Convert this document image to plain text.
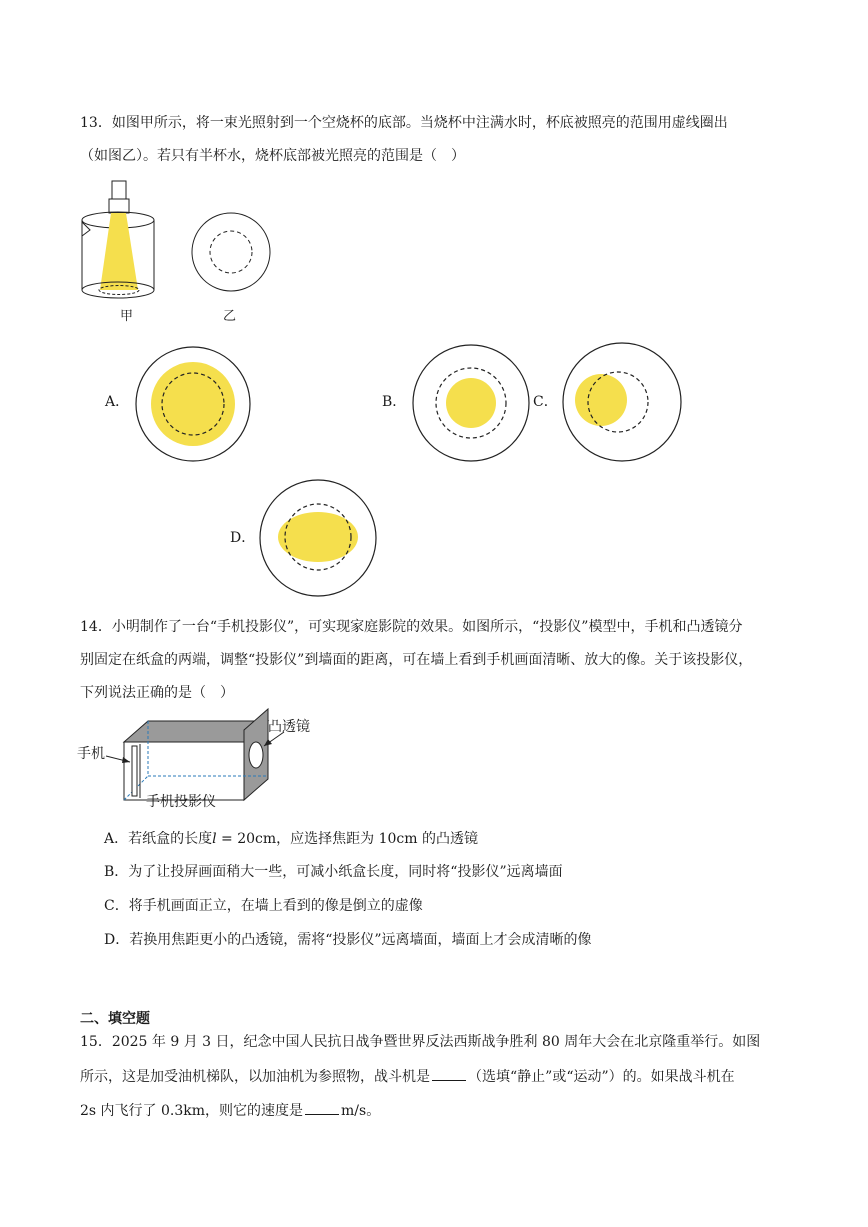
13．如图甲所示，将一束光照射到一个空烧杯的底部。当烧杯中注满水时，杯底被照亮的范围用虚线圈出
（如图乙）。若只有半杯水，烧杯底部被光照亮的范围是（　）
甲	乙
A．	B．	C．
D．
14．小明制作了一台“手机投影仪”，可实现家庭影院的效果。如图所示，“投影仪”模型中，手机和凸透镜分
别固定在纸盒的两端，调整“投影仪”到墙面的距离，可在墙上看到手机画面清晰、放大的像。关于该投影仪，
下列说法正确的是（　）
凸透镜
手机
手机投影仪
A．若纸盒的长度l = 20cm，应选择焦距为 10cm 的凸透镜
B．为了让投屏画面稍大一些，可减小纸盒长度，同时将“投影仪”远离墙面
C．将手机画面正立，在墙上看到的像是倒立的虚像
D．若换用焦距更小的凸透镜，需将“投影仪”远离墙面，墙面上才会成清晰的像
二、填空题
15．2025 年 9 月 3 日，纪念中国人民抗日战争暨世界反法西斯战争胜利 80 周年大会在北京隆重举行。如图
所示，这是加受油机梯队，以加油机为参照物，战斗机是	（选填“静止”或“运动”）的。如果战斗机在
2s 内飞行了 0.3km，则它的速度是	m/s。
